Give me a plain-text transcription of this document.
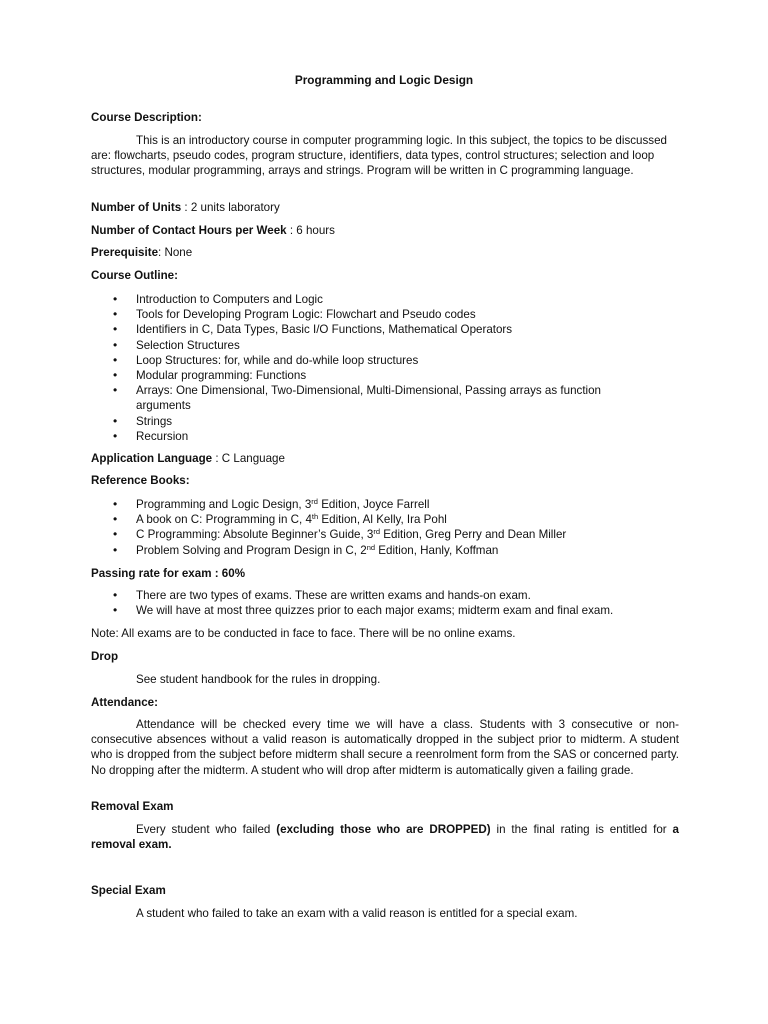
Programming and Logic Design
Course Description:
This is an introductory course in computer programming logic. In this subject, the topics to be discussed are: flowcharts, pseudo codes, program structure, identifiers, data types, control structures; selection and loop structures, modular programming, arrays and strings. Program will be written in C programming language.
Number of Units : 2 units laboratory
Number of Contact Hours per Week : 6 hours
Prerequisite: None
Course Outline:
• Introduction to Computers and Logic
• Tools for Developing Program Logic: Flowchart and Pseudo codes
• Identifiers in C, Data Types, Basic I/O Functions, Mathematical Operators
• Selection Structures
• Loop Structures: for, while and do-while loop structures
• Modular programming: Functions
• Arrays: One Dimensional, Two-Dimensional, Multi-Dimensional, Passing arrays as function arguments
• Strings
• Recursion
Application Language : C Language
Reference Books:
• Programming and Logic Design, 3rd Edition, Joyce Farrell
• A book on C: Programming in C, 4th Edition, Al Kelly, Ira Pohl
• C Programming: Absolute Beginner’s Guide, 3rd Edition, Greg Perry and Dean Miller
• Problem Solving and Program Design in C, 2nd Edition, Hanly, Koffman
Passing rate for exam : 60%
• There are two types of exams. These are written exams and hands-on exam.
• We will have at most three quizzes prior to each major exams; midterm exam and final exam.
Note: All exams are to be conducted in face to face. There will be no online exams.
Drop
See student handbook for the rules in dropping.
Attendance:
Attendance will be checked every time we will have a class. Students with 3 consecutive or non-consecutive absences without a valid reason is automatically dropped in the subject prior to midterm. A student who is dropped from the subject before midterm shall secure a reenrolment form from the SAS or concerned party. No dropping after the midterm. A student who will drop after midterm is automatically given a failing grade.
Removal Exam
Every student who failed (excluding those who are DROPPED) in the final rating is entitled for a removal exam.
Special Exam
A student who failed to take an exam with a valid reason is entitled for a special exam.
